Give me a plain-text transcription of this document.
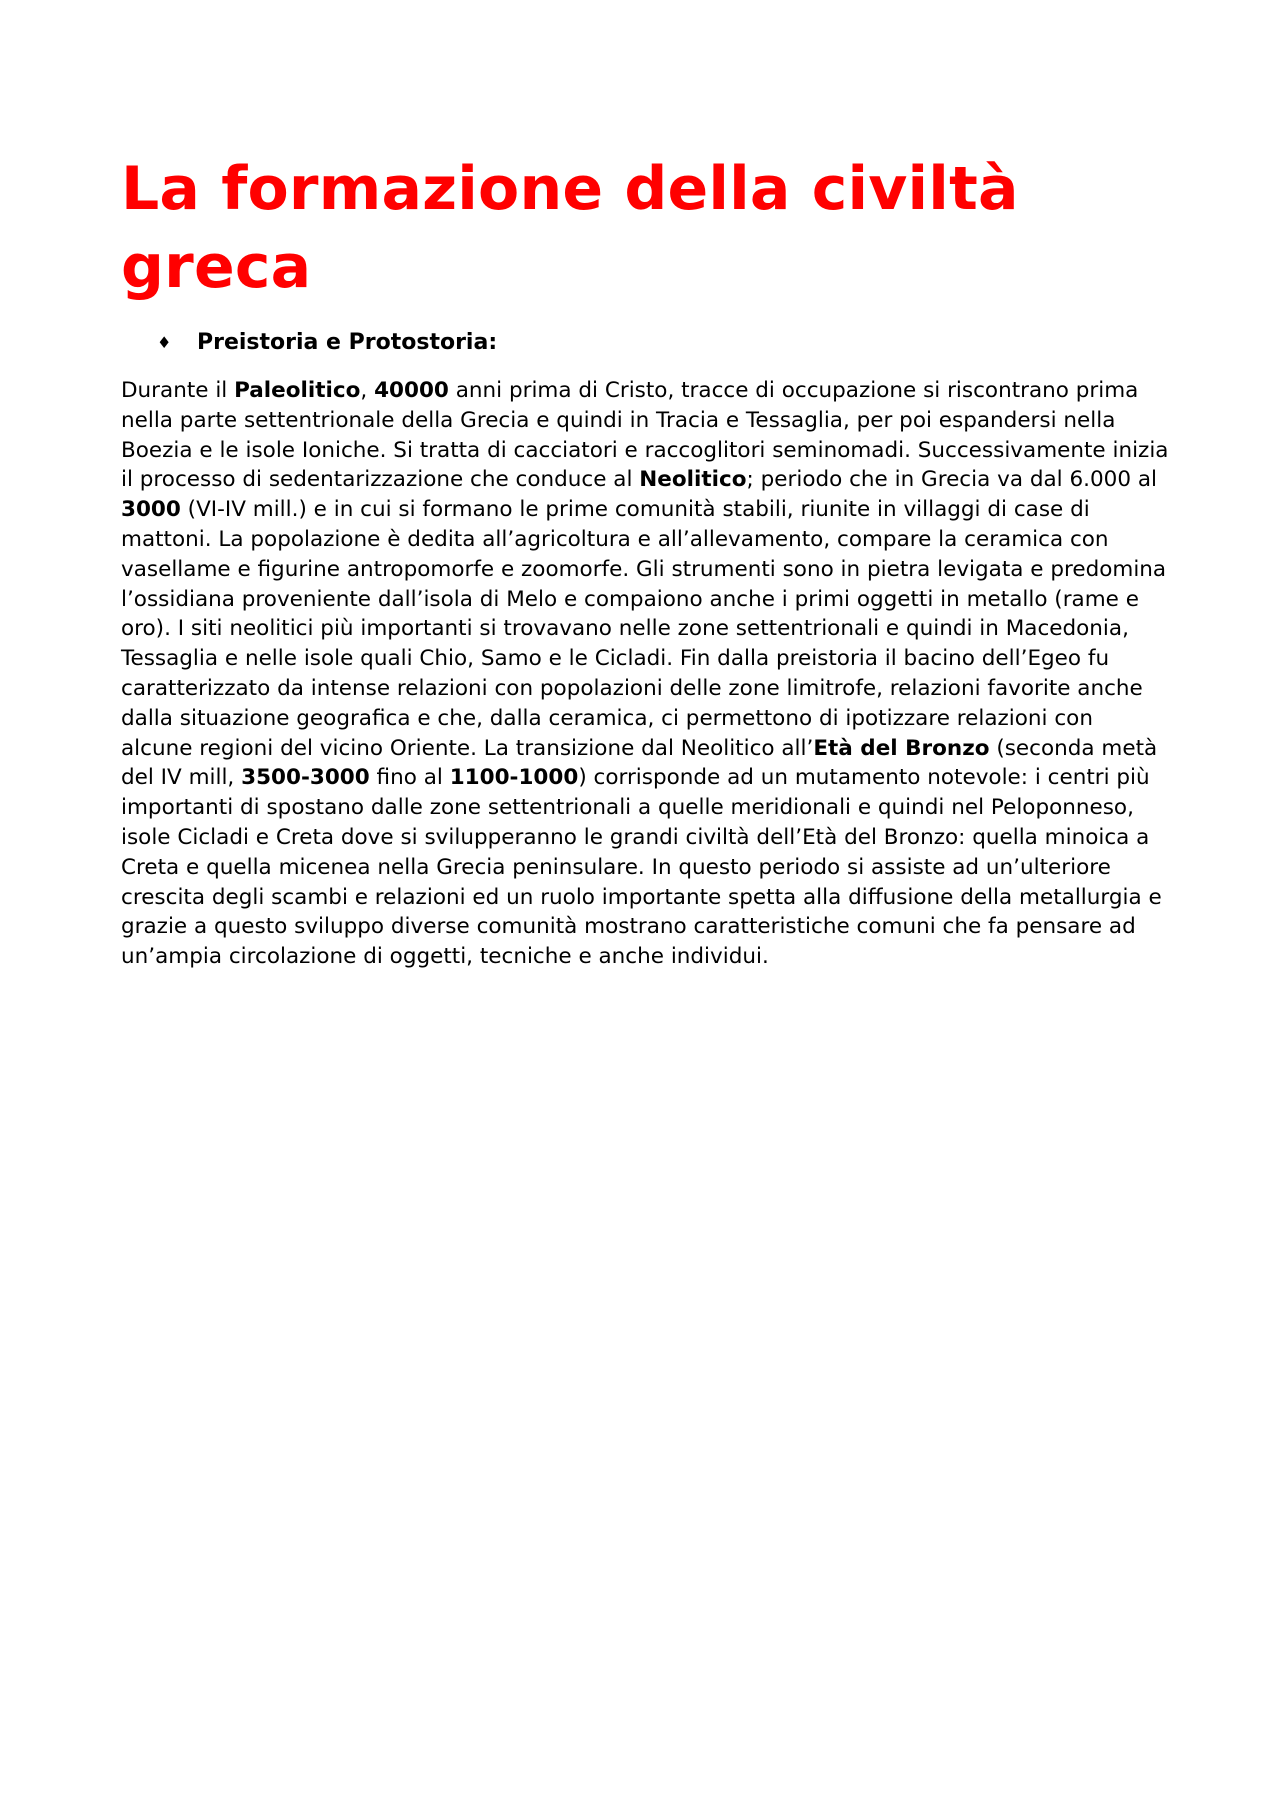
La formazione della civiltà greca
♦	Preistoria e Protostoria:

Durante il Paleolitico, 40000 anni prima di Cristo, tracce di occupazione si riscontrano prima nella parte settentrionale della Grecia e quindi in Tracia e Tessaglia, per poi espandersi nella Boezia e le isole Ioniche. Si tratta di cacciatori e raccoglitori seminomadi. Successivamente inizia il processo di sedentarizzazione che conduce al Neolitico; periodo che in Grecia va dal 6.000 al 3000 (VI-IV mill.) e in cui si formano le prime comunità stabili, riunite in villaggi di case di mattoni. La popolazione è dedita all’agricoltura e all’allevamento, compare la ceramica con vasellame e figurine antropomorfe e zoomorfe. Gli strumenti sono in pietra levigata e predomina l’ossidiana proveniente dall’isola di Melo e compaiono anche i primi oggetti in metallo (rame e oro). I siti neolitici più importanti si trovavano nelle zone settentrionali e quindi in Macedonia, Tessaglia e nelle isole quali Chio, Samo e le Cicladi. Fin dalla preistoria il bacino dell’Egeo fu caratterizzato da intense relazioni con popolazioni delle zone limitrofe, relazioni favorite anche dalla situazione geografica e che, dalla ceramica, ci permettono di ipotizzare relazioni con alcune regioni del vicino Oriente. La transizione dal Neolitico all’Età del Bronzo (seconda metà del IV mill, 3500-3000 fino al 1100-1000) corrisponde ad un mutamento notevole: i centri più importanti di spostano dalle zone settentrionali a quelle meridionali e quindi nel Peloponneso, isole Cicladi e Creta dove si svilupperanno le grandi civiltà dell’Età del Bronzo: quella minoica a Creta e quella micenea nella Grecia peninsulare. In questo periodo si assiste ad un’ulteriore crescita degli scambi e relazioni ed un ruolo importante spetta alla diffusione della metallurgia e grazie a questo sviluppo diverse comunità mostrano caratteristiche comuni che fa pensare ad un’ampia circolazione di oggetti, tecniche e anche individui.
